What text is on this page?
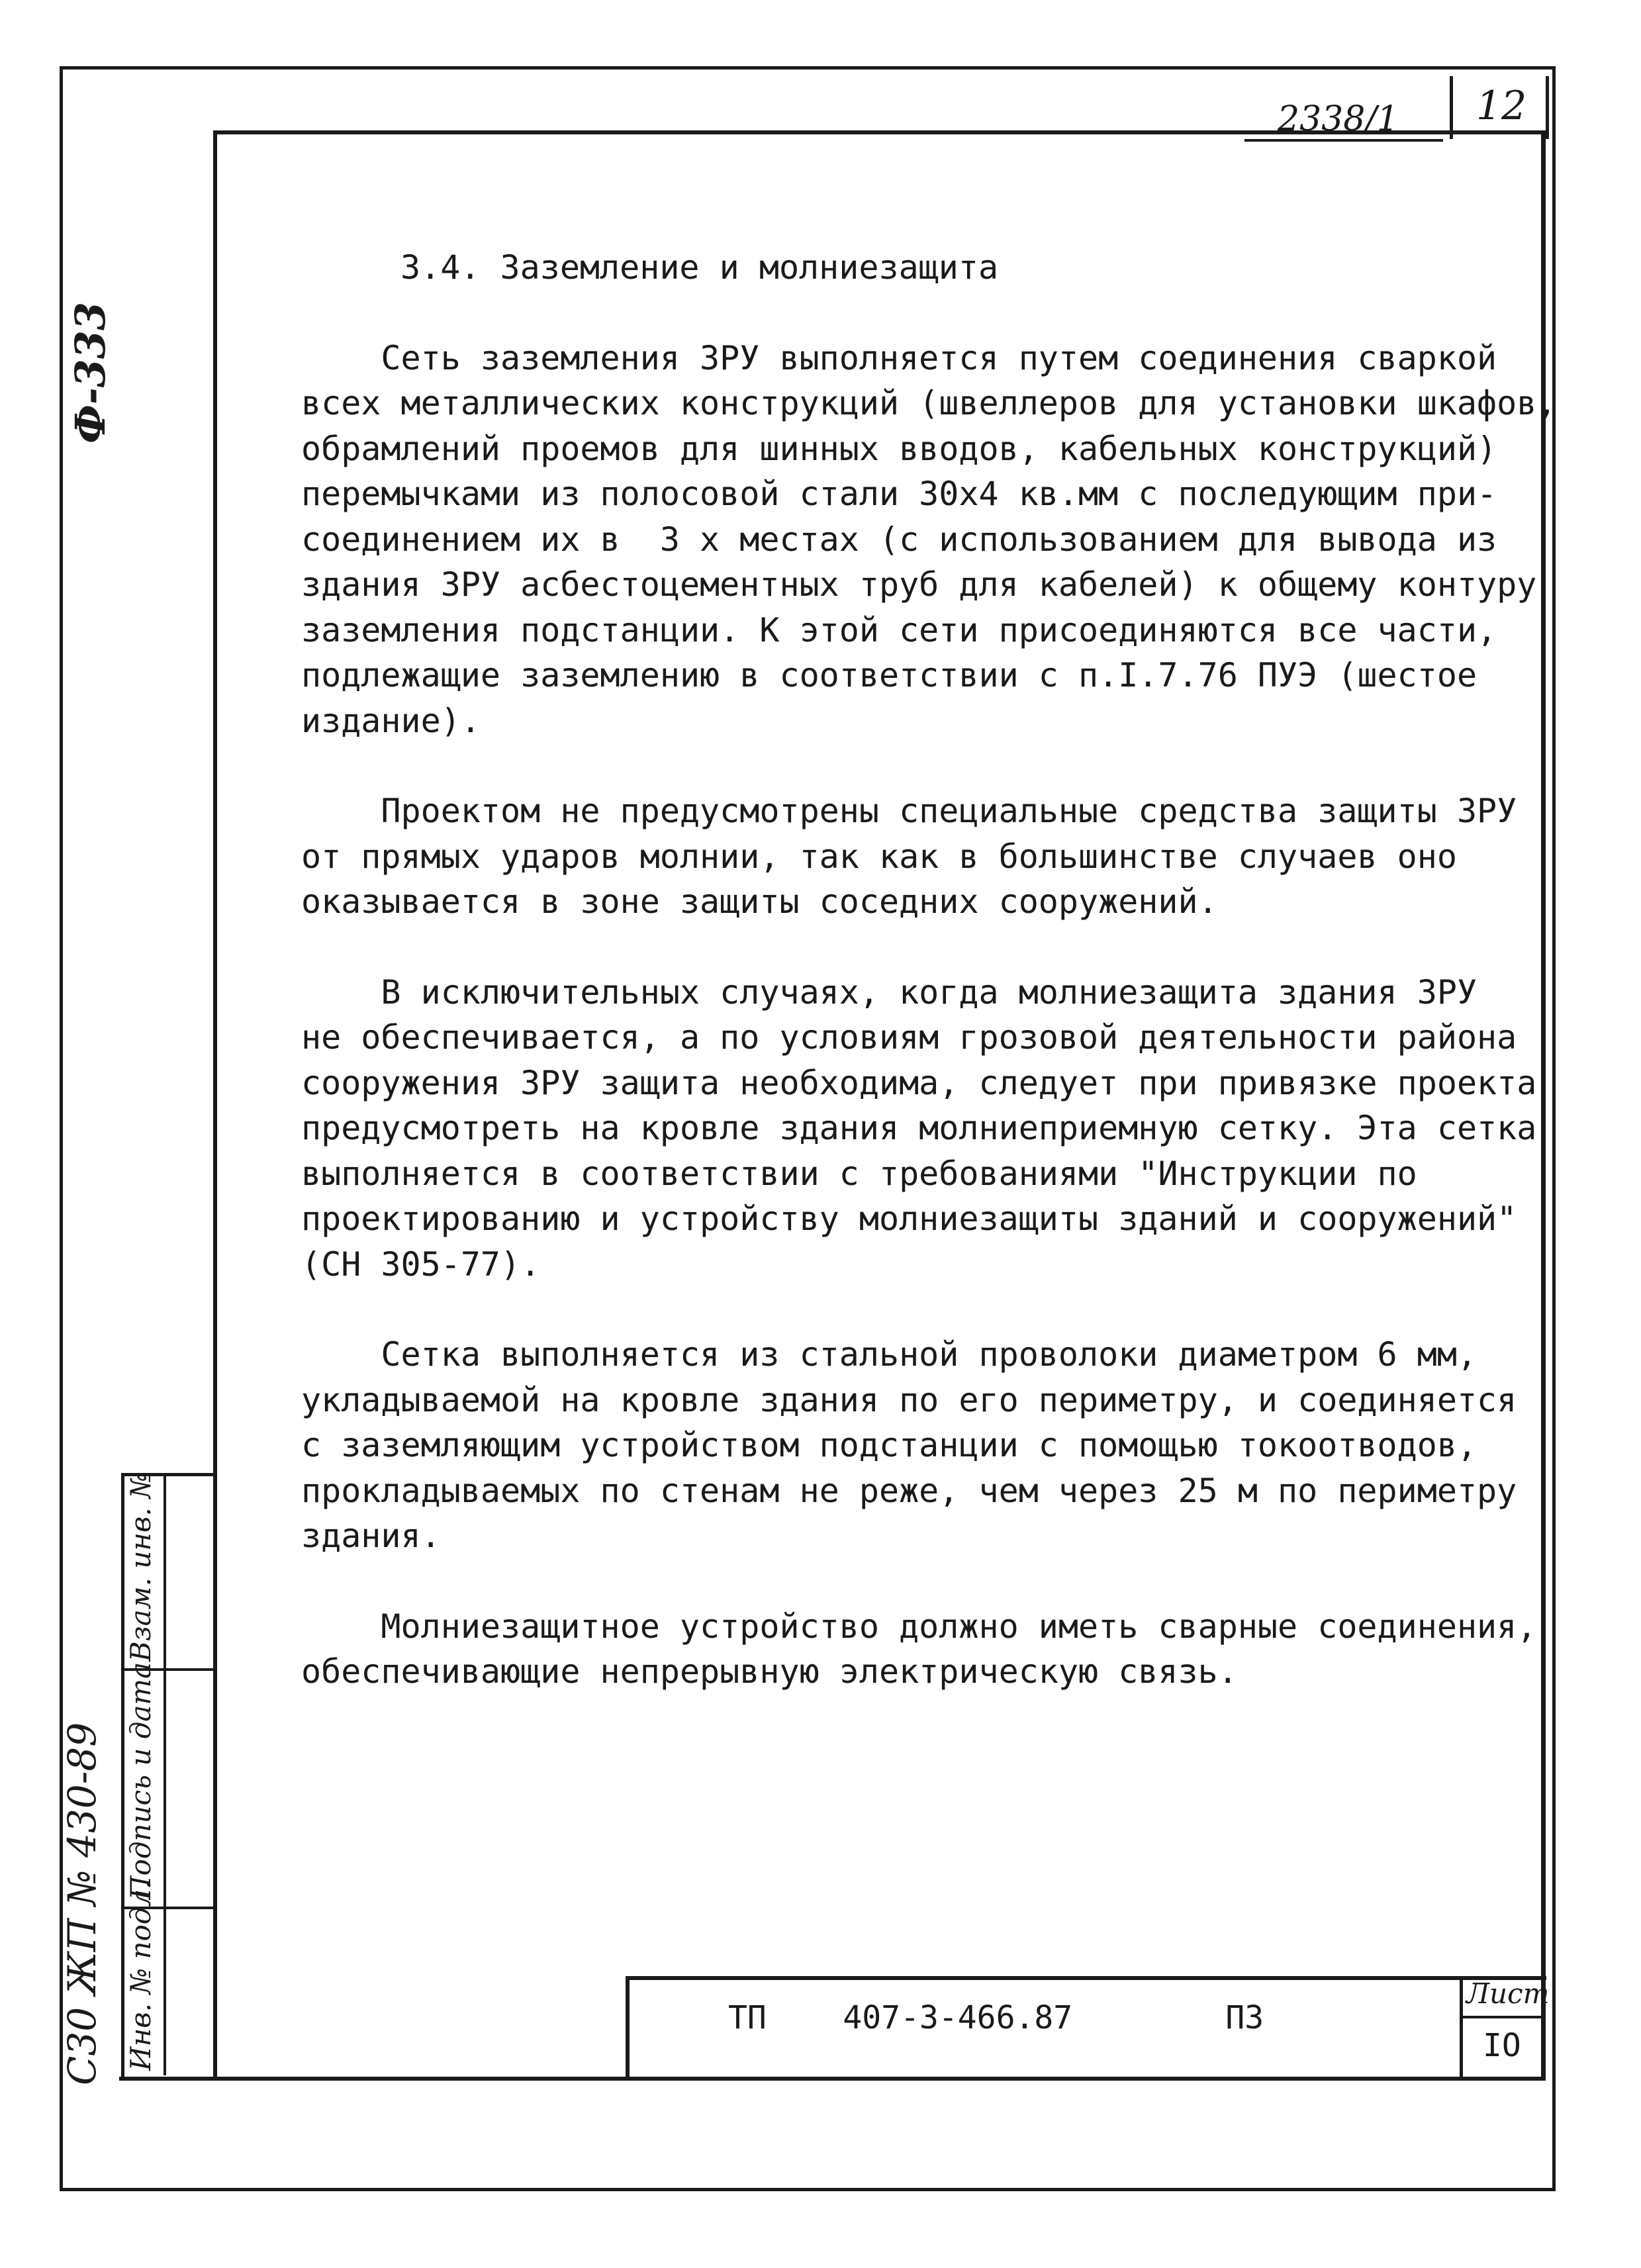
2338/1 12
Ф-333
3.4. Заземление и молниезащита
Сеть заземления ЗРУ выполняется путем соединения сваркой
всех металлических конструкций (швеллеров для установки шкафов,
обрамлений проемов для шинных вводов, кабельных конструкций)
перемычками из полосовой стали 30х4 кв.мм с последующим при-
соединением их в  3 х местах (с использованием для вывода из
здания ЗРУ асбестоцементных труб для кабелей) к общему контуру
заземления подстанции. К этой сети присоединяются все части,
подлежащие заземлению в соответствии с п.I.7.76 ПУЭ (шестое
издание).
Проектом не предусмотрены специальные средства защиты ЗРУ
от прямых ударов молнии, так как в большинстве случаев оно
оказывается в зоне защиты соседних сооружений.
В исключительных случаях, когда молниезащита здания ЗРУ
не обеспечивается, а по условиям грозовой деятельности района
сооружения ЗРУ защита необходима, следует при привязке проекта
предусмотреть на кровле здания молниеприемную сетку. Эта сетка
выполняется в соответствии с требованиями "Инструкции по
проектированию и устройству молниезащиты зданий и сооружений"
(СН 305-77).
Сетка выполняется из стальной проволоки диаметром 6 мм,
укладываемой на кровле здания по его периметру, и соединяется
с заземляющим устройством подстанции с помощью токоотводов,
прокладываемых по стенам не реже, чем через 25 м по периметру
здания.
Молниезащитное устройство должно иметь сварные соединения,
обеспечивающие непрерывную электрическую связь.
ТП    407-3-466.87        ПЗ
Лист
IO
Взам. инв. №
Подпись и дата
Инв. № подл.
С30 ЖП № 430-89
